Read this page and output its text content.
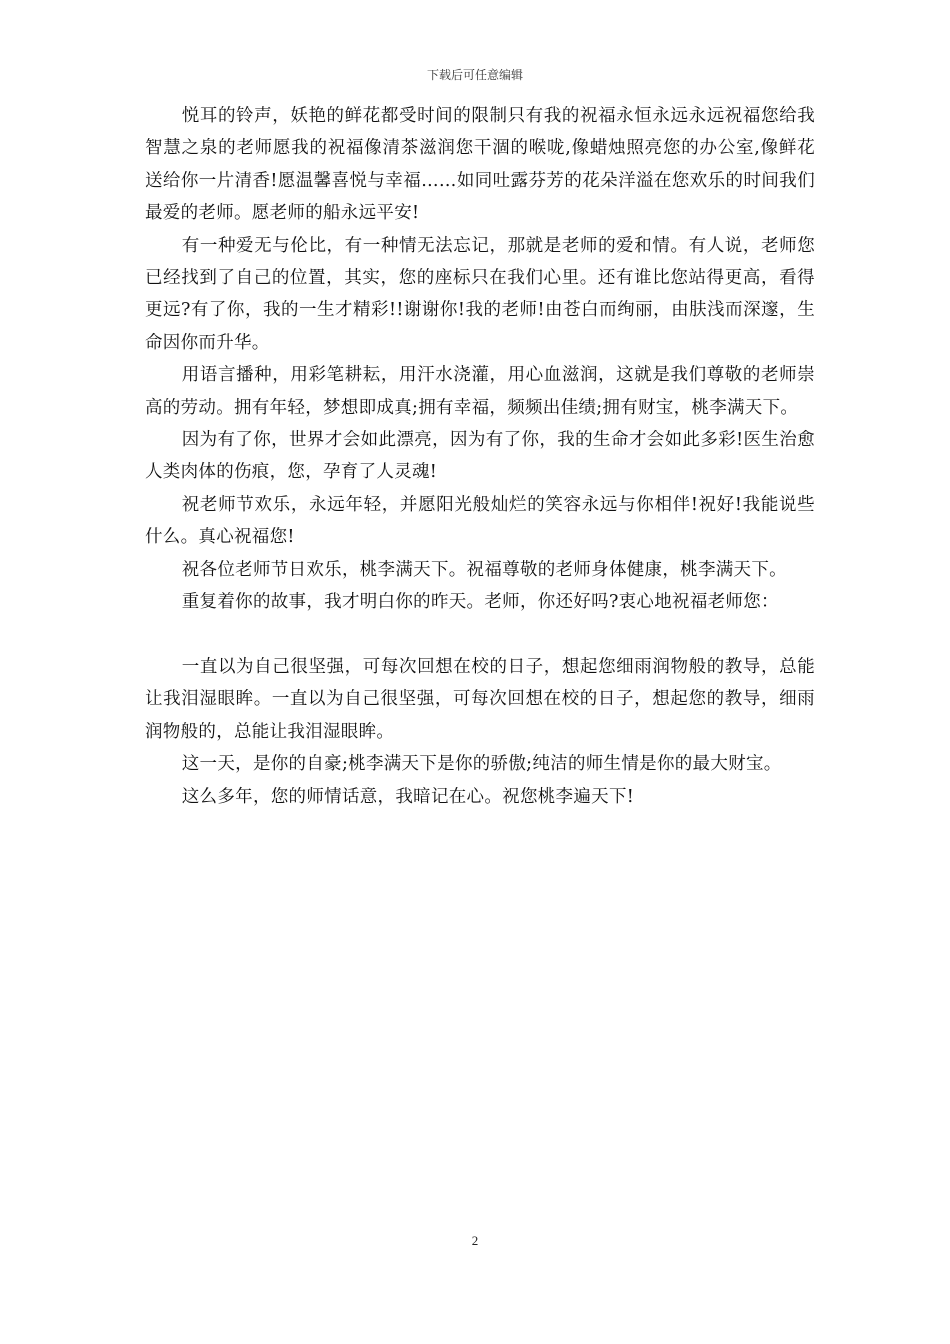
下载后可任意编辑

悦耳的铃声，妖艳的鲜花都受时间的限制只有我的祝福永恒永远永远祝福您给我智慧之泉的老师愿我的祝福像清茶滋润您干涸的喉咙,像蜡烛照亮您的办公室,像鲜花送给你一片清香!愿温馨喜悦与幸福……如同吐露芬芳的花朵洋溢在您欢乐的时间我们最爱的老师。愿老师的船永远平安!

有一种爱无与伦比，有一种情无法忘记，那就是老师的爱和情。有人说，老师您已经找到了自己的位置，其实，您的座标只在我们心里。还有谁比您站得更高，看得更远?有了你，我的一生才精彩!!谢谢你!我的老师!由苍白而绚丽，由肤浅而深邃，生命因你而升华。

用语言播种，用彩笔耕耘，用汗水浇灌，用心血滋润，这就是我们尊敬的老师崇高的劳动。拥有年轻，梦想即成真;拥有幸福，频频出佳绩;拥有财宝，桃李满天下。

因为有了你，世界才会如此漂亮，因为有了你，我的生命才会如此多彩!医生治愈人类肉体的伤痕，您，孕育了人灵魂!

祝老师节欢乐，永远年轻，并愿阳光般灿烂的笑容永远与你相伴!祝好!我能说些什么。真心祝福您!

祝各位老师节日欢乐，桃李满天下。祝福尊敬的老师身体健康，桃李满天下。

重复着你的故事，我才明白你的昨天。老师，你还好吗?衷心地祝福老师您：

一直以为自己很坚强，可每次回想在校的日子，想起您细雨润物般的教导，总能让我泪湿眼眸。一直以为自己很坚强，可每次回想在校的日子，想起您的教导，细雨润物般的，总能让我泪湿眼眸。

这一天，是你的自豪;桃李满天下是你的骄傲;纯洁的师生情是你的最大财宝。

这么多年，您的师情话意，我暗记在心。祝您桃李遍天下!

2
